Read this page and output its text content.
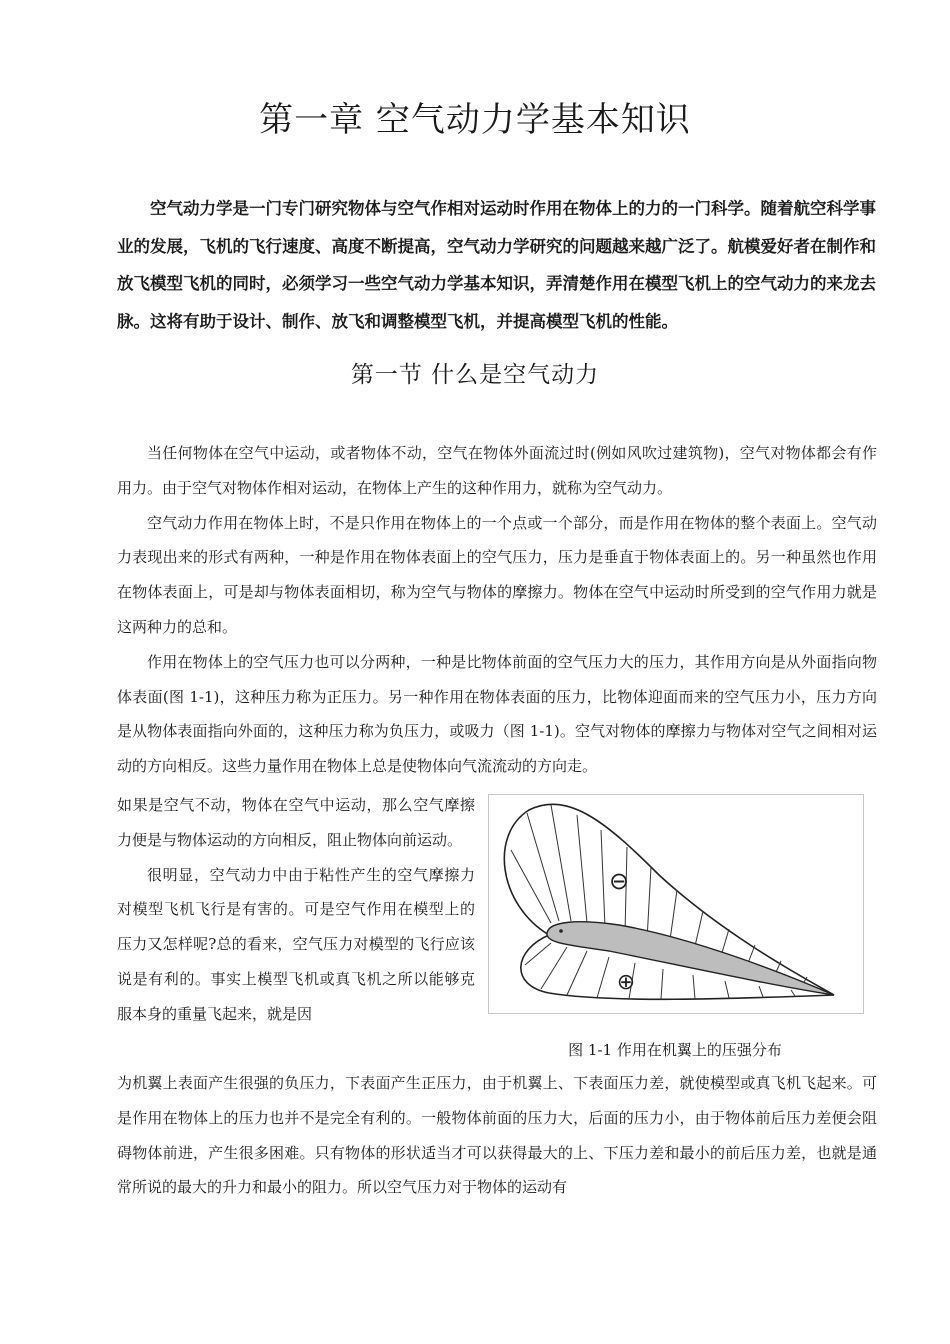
第一章 空气动力学基本知识

空气动力学是一门专门研究物体与空气作相对运动时作用在物体上的力的一门科学。随着航空科学事业的发展，飞机的飞行速度、高度不断提高，空气动力学研究的问题越来越广泛了。航模爱好者在制作和放飞模型飞机的同时，必须学习一些空气动力学基本知识，弄清楚作用在模型飞机上的空气动力的来龙去脉。这将有助于设计、制作、放飞和调整模型飞机，并提高模型飞机的性能。

第一节 什么是空气动力

当任何物体在空气中运动，或者物体不动，空气在物体外面流过时(例如风吹过建筑物)，空气对物体都会有作用力。由于空气对物体作相对运动，在物体上产生的这种作用力，就称为空气动力。

空气动力作用在物体上时，不是只作用在物体上的一个点或一个部分，而是作用在物体的整个表面上。空气动力表现出来的形式有两种，一种是作用在物体表面上的空气压力，压力是垂直于物体表面上的。另一种虽然也作用在物体表面上，可是却与物体表面相切，称为空气与物体的摩擦力。物体在空气中运动时所受到的空气作用力就是这两种力的总和。

作用在物体上的空气压力也可以分两种，一种是比物体前面的空气压力大的压力，其作用方向是从外面指向物体表面(图 1-1)，这种压力称为正压力。另一种作用在物体表面的压力，比物体迎面而来的空气压力小，压力方向是从物体表面指向外面的，这种压力称为负压力，或吸力（图 1-1)。空气对物体的摩擦力与物体对空气之间相对运动的方向相反。这些力量作用在物体上总是使物体向气流流动的方向走。

如果是空气不动，物体在空气中运动，那么空气摩擦力便是与物体运动的方向相反，阻止物体向前运动。

很明显，空气动力中由于粘性产生的空气摩擦力对模型飞机飞行是有害的。可是空气作用在模型上的压力又怎样呢?总的看来，空气压力对模型的飞行应该说是有利的。事实上模型飞机或真飞机之所以能够克服本身的重量飞起来，就是因

⊖
⊕
图 1-1 作用在机翼上的压强分布

为机翼上表面产生很强的负压力，下表面产生正压力，由于机翼上、下表面压力差，就使模型或真飞机飞起来。可是作用在物体上的压力也并不是完全有利的。一般物体前面的压力大，后面的压力小，由于物体前后压力差便会阻碍物体前进，产生很多困难。只有物体的形状适当才可以获得最大的上、下压力差和最小的前后压力差，也就是通常所说的最大的升力和最小的阻力。所以空气压力对于物体的运动有
